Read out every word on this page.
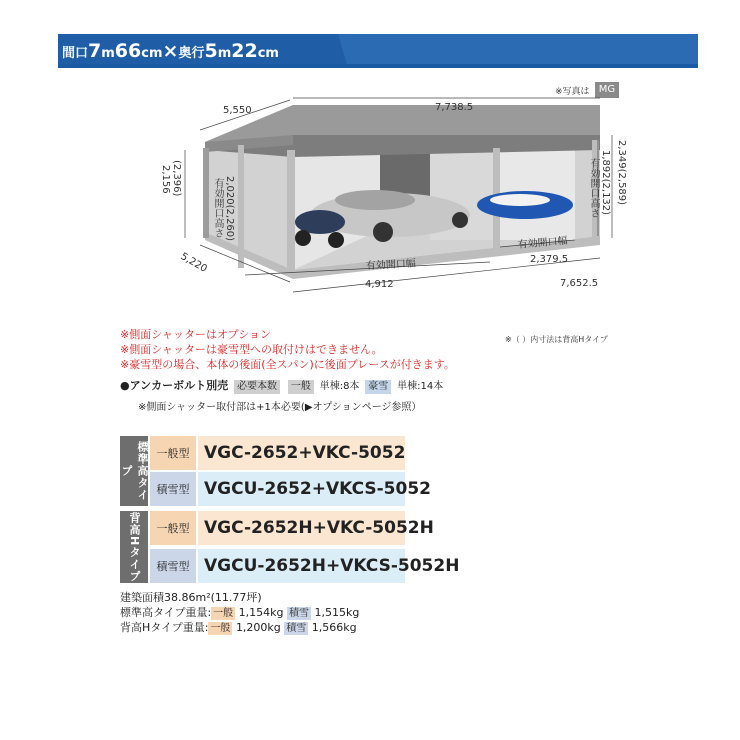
間口7m66cm×奥行5m22cm
※写真は MG
5,550	7,738.5
5,220
4,912
有効開口幅	2,379.5
有効開口幅
7,652.5
2,156 (2,396)	有効開口高さ 2,020(2,260)	有効開口高さ 1,892(2,132) 2,349(2,589)
※側面シャッターはオプション
※側面シャッターは豪雪型への取付けはできません。
※豪雪型の場合、本体の後面(全スパン)に後面ブレースが付きます。
※（ ）内寸法は背高Hタイプ
●アンカーボルト別売 必要本数 一般 単棟:8本 豪雪 単棟:14本
※側面シャッター取付部は+1本必要(▶オプションページ参照）
標準高タイプ
一般型 VGC-2652+VKC-5052
積雪型 VGCU-2652+VKCS-5052
背高Hタイプ	一般型 VGC-2652H+VKC-5052H
積雪型 VGCU-2652H+VKCS-5052H
建築面積38.86m²(11.77坪)
標準高タイプ重量: 一般 1,154kg 積雪 1,515kg
背高Hタイプ重量: 一般 1,200kg 積雪 1,566kg
